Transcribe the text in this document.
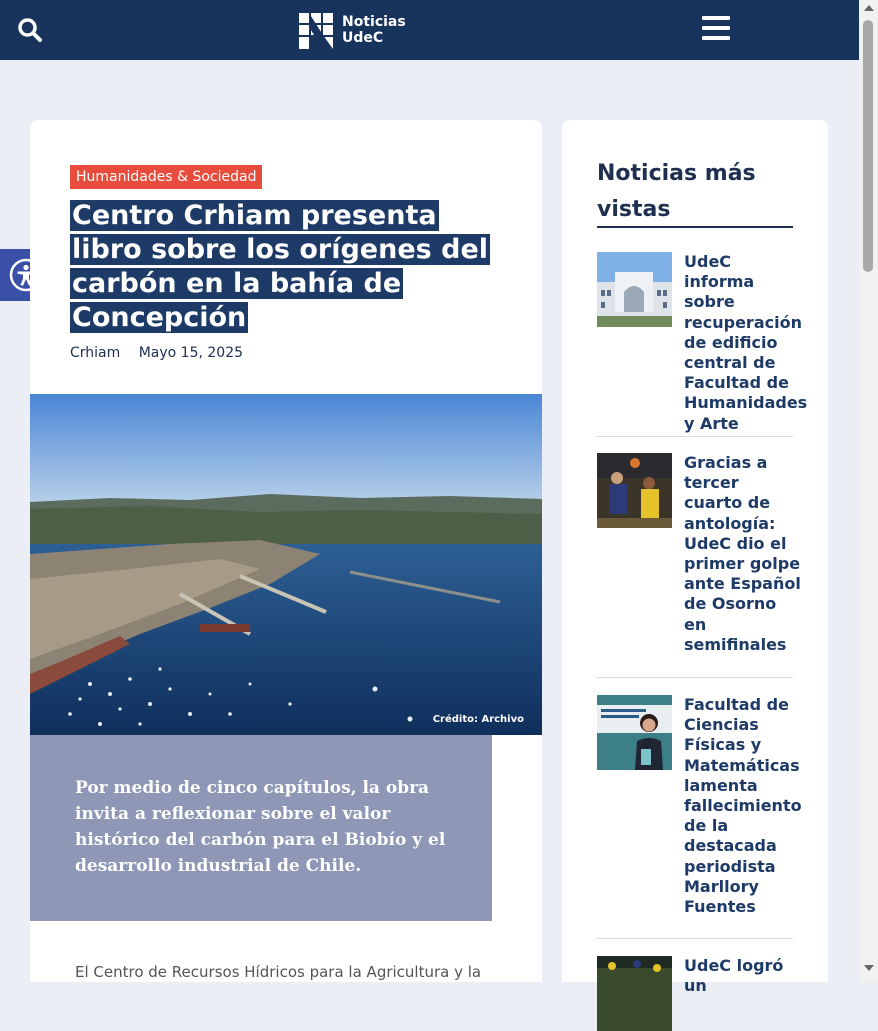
Noticias
UdeC
Humanidades & Sociedad
Centro Crhiam presenta
libro sobre los orígenes del
carbón en la bahía de
Concepción
Crhiam Mayo 15, 2025
Crédito: Archivo
Por medio de cinco capítulos, la obra invita a reflexionar sobre el valor histórico del carbón para el Biobío y el desarrollo industrial de Chile.
El Centro de Recursos Hídricos para la Agricultura y la
Noticias más vistas
UdeC informa sobre recuperación de edificio central de Facultad de Humanidades y Arte
Gracias a tercer cuarto de antología: UdeC dio el primer golpe ante Español de Osorno en semifinales
Facultad de Ciencias Físicas y Matemáticas lamenta fallecimiento de la destacada periodista Marllory Fuentes
UdeC logró un
